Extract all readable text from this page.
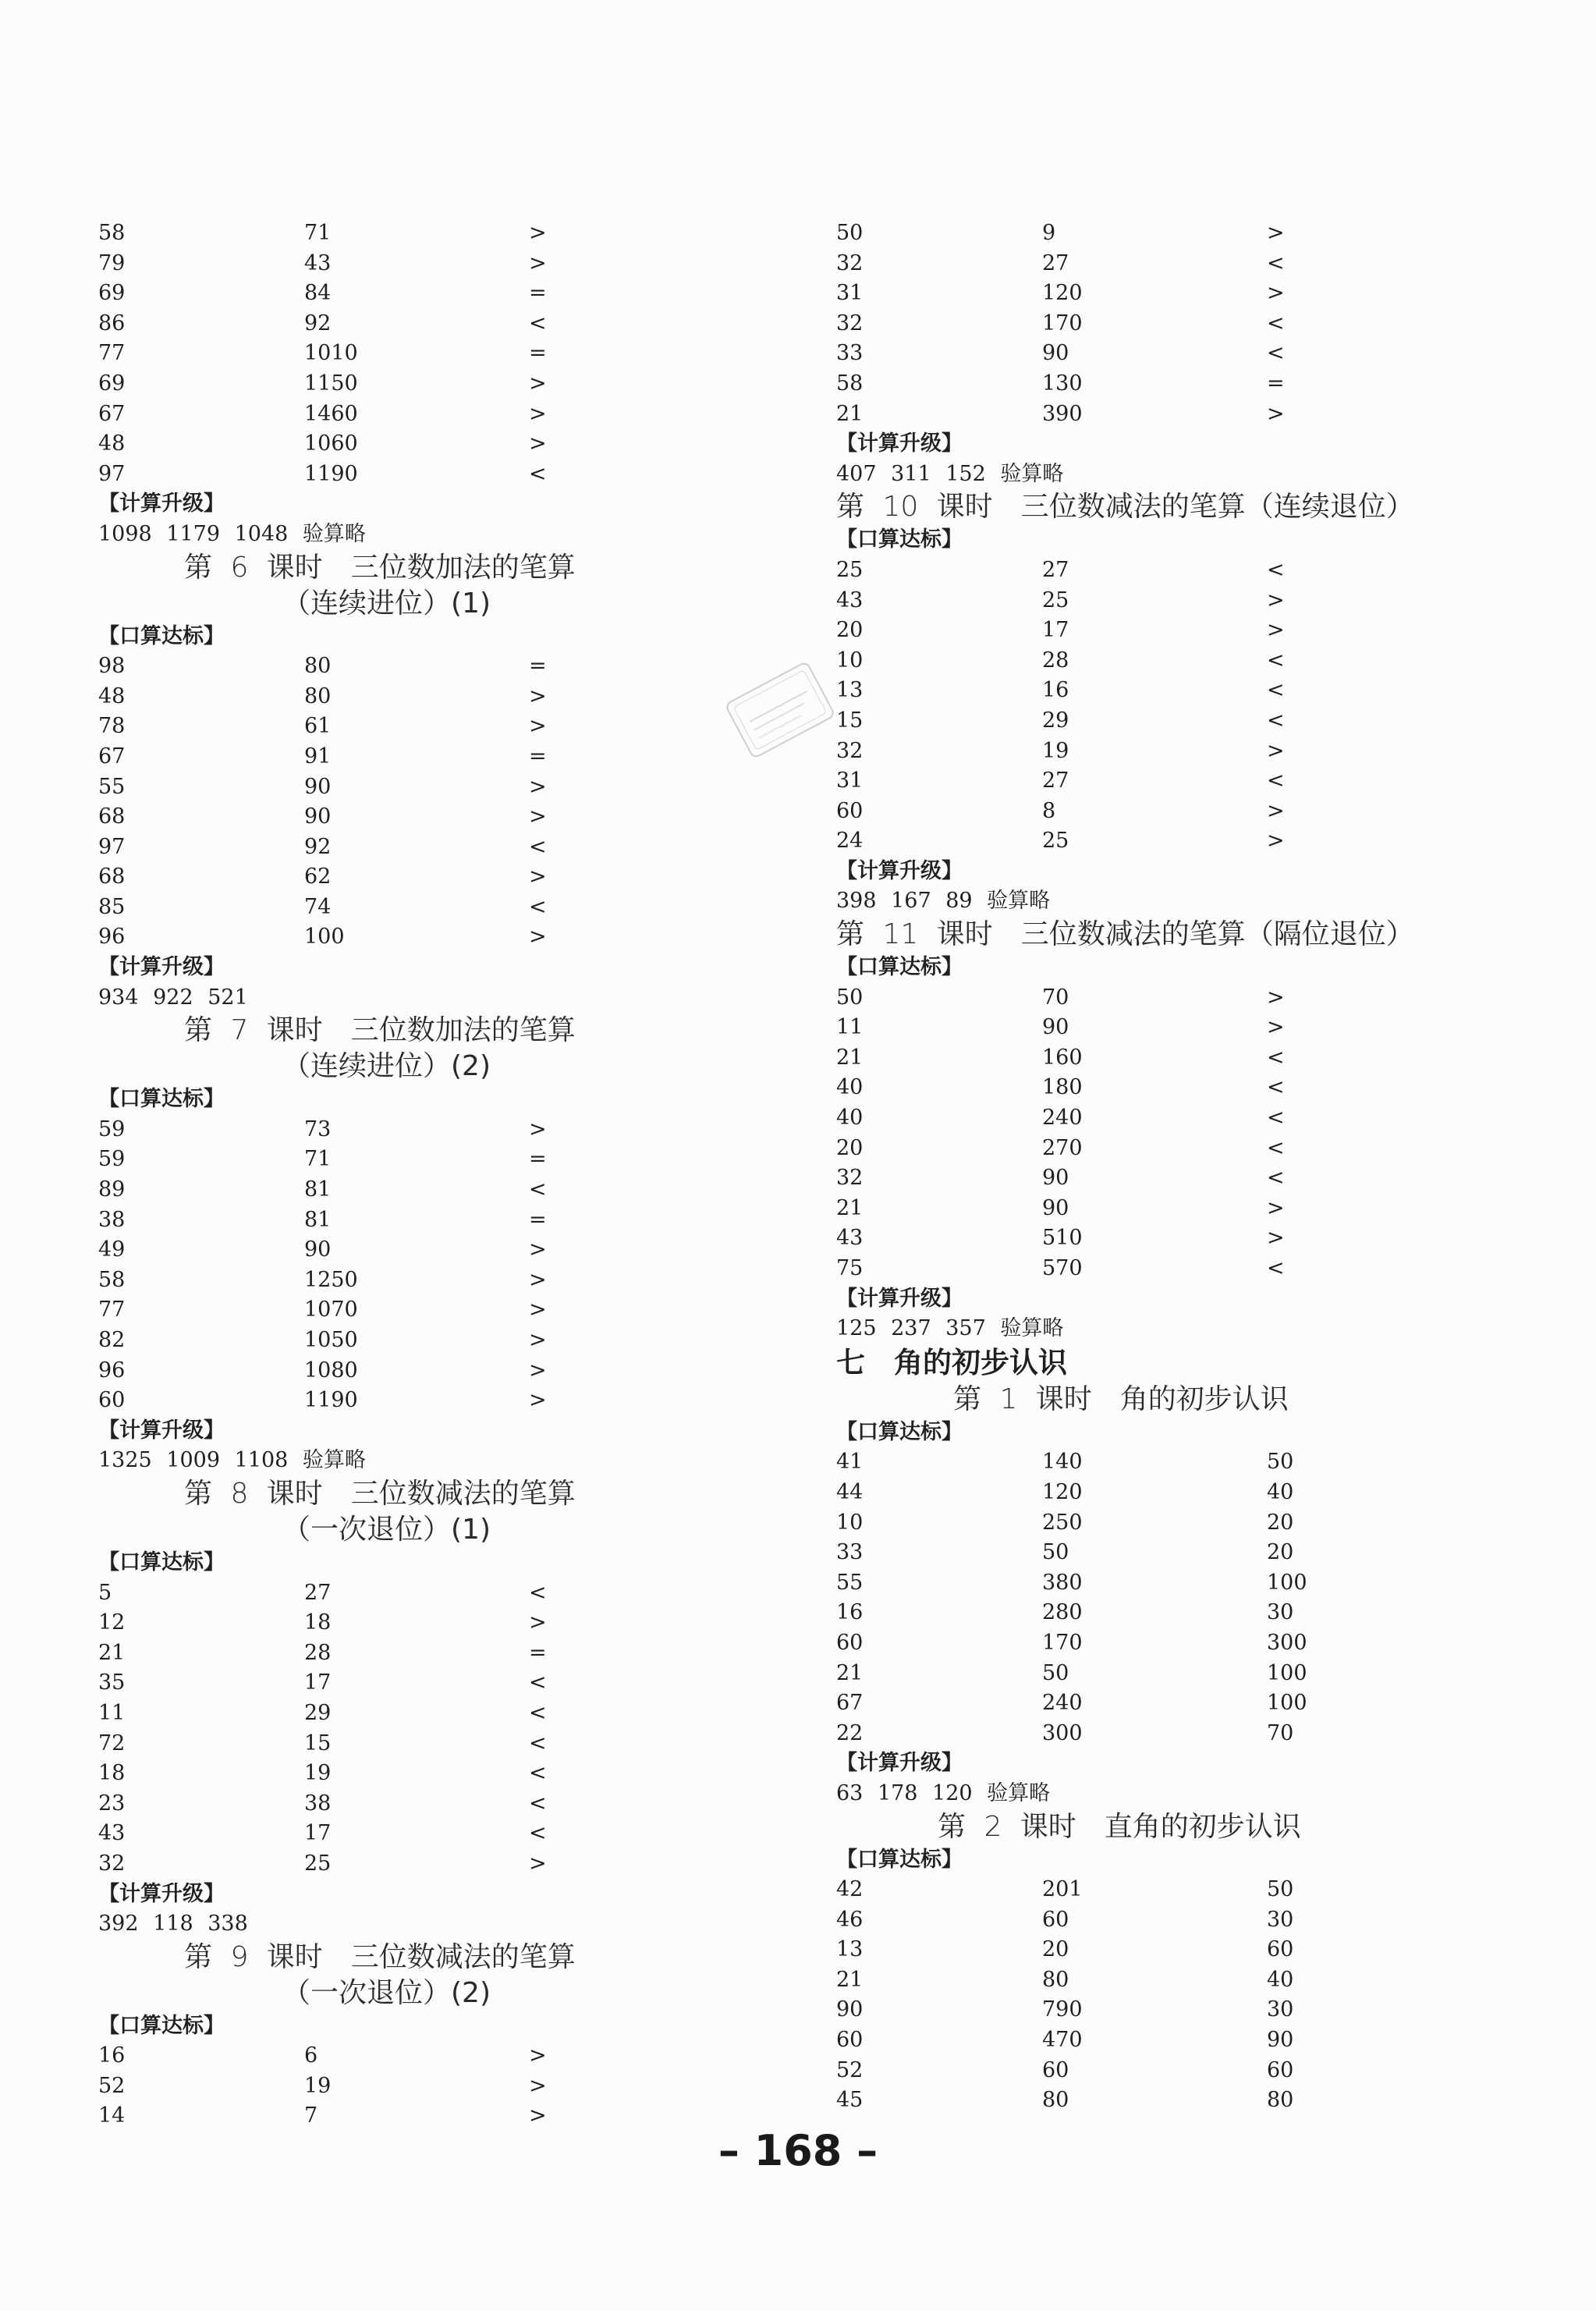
58	71	>
79	43	>
69	84	=
86	92	<
77	1010	=
69	1150	>
67	1460	>
48	1060	>
97	1190	<
【计算升级】
1098 1179 1048 验算略
第 6 课时　三位数加法的笔算
（连续进位）(1)
【口算达标】
98	80	=
48	80	>
78	61	>
67	91	=
55	90	>
68	90	>
97	92	<
68	62	>
85	74	<
96	100	>
【计算升级】
934 922 521
第 7 课时　三位数加法的笔算
（连续进位）(2)
【口算达标】
59	73	>
59	71	=
89	81	<
38	81	=
49	90	>
58	1250	>
77	1070	>
82	1050	>
96	1080	>
60	1190	>
【计算升级】
1325 1009 1108 验算略
第 8 课时　三位数减法的笔算
（一次退位）(1)
【口算达标】
5	27	<
12	18	>
21	28	=
35	17	<
11	29	<
72	15	<
18	19	<
23	38	<
43	17	<
32	25	>
【计算升级】
392 118 338
第 9 课时　三位数减法的笔算
（一次退位）(2)
【口算达标】
16	6	>
52	19	>
14	7	>
50	9	>
32	27	<
31	120	>
32	170	<
33	90	<
58	130	=
21	390	>
【计算升级】
407 311 152 验算略
第 10 课时　三位数减法的笔算（连续退位）
【口算达标】
25	27	<
43	25	>
20	17	>
10	28	<
13	16	<
15	29	<
32	19	>
31	27	<
60	8	>
24	25	>
【计算升级】
398 167 89 验算略
第 11 课时　三位数减法的笔算（隔位退位）
【口算达标】
50	70	>
11	90	>
21	160	<
40	180	<
40	240	<
20	270	<
32	90	<
21	90	>
43	510	>
75	570	<
【计算升级】
125 237 357 验算略
七　角的初步认识
第 1 课时　角的初步认识
【口算达标】
41	140	50
44	120	40
10	250	20
33	50	20
55	380	100
16	280	30
60	170	300
21	50	100
67	240	100
22	300	70
【计算升级】
63 178 120 验算略
第 2 课时　直角的初步认识
【口算达标】
42	201	50
46	60	30
13	20	60
21	80	40
90	790	30
60	470	90
52	60	60
45	80	80
– 168 –
